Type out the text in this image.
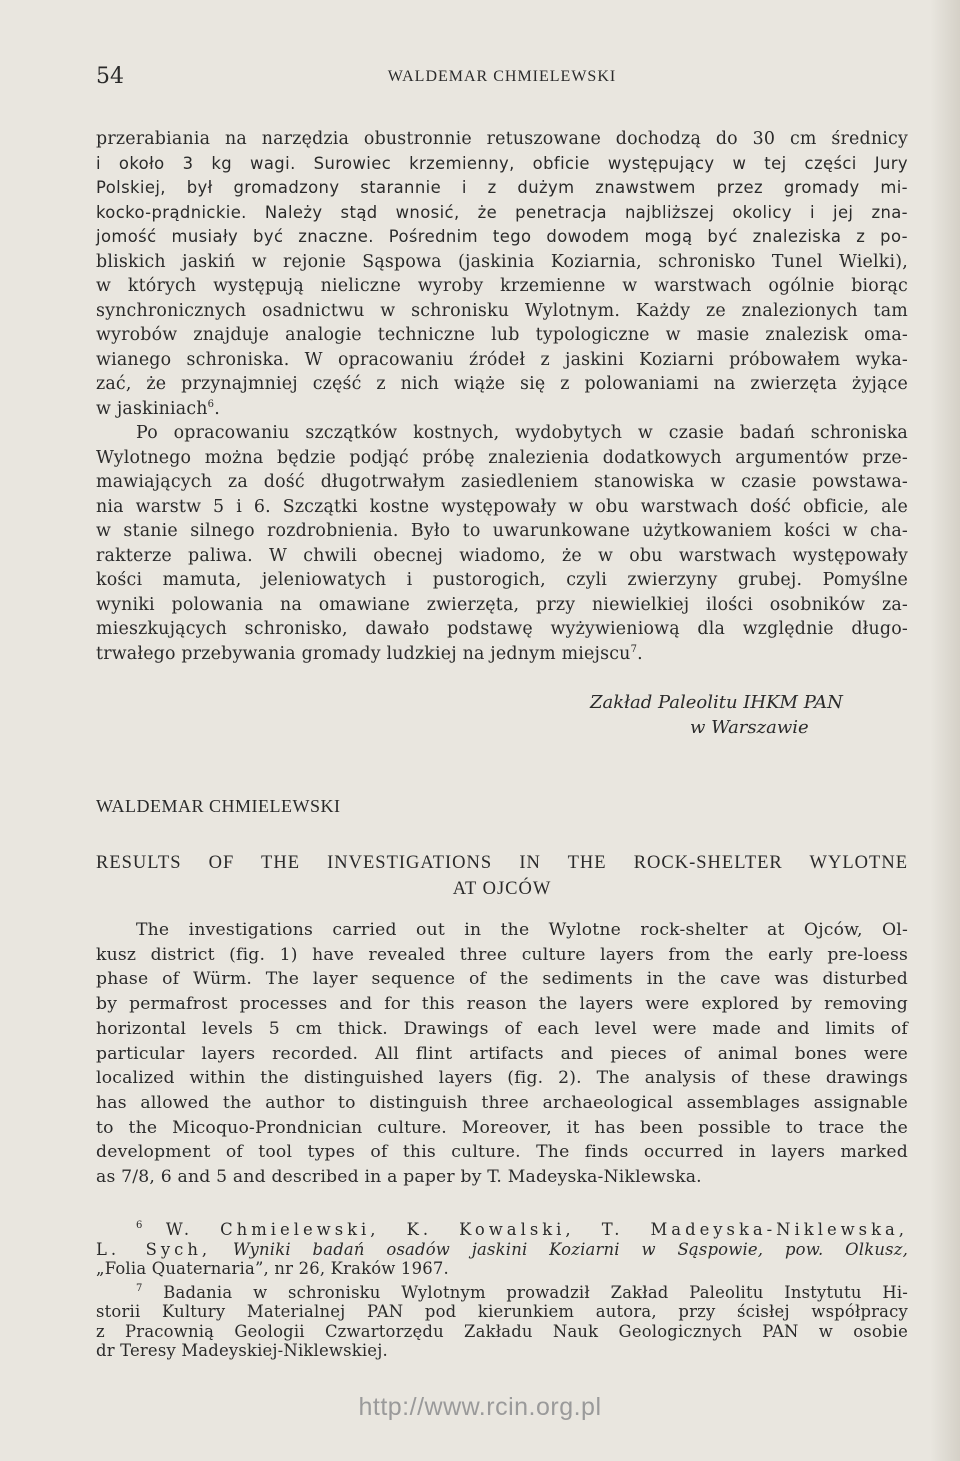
54	WALDEMAR CHMIELEWSKI
przerabiania na narzędzia obustronnie retuszowane dochodzą do 30 cm średnicy
i około 3 kg wagi. Surowiec krzemienny, obficie występujący w tej części Jury
Polskiej, był gromadzony starannie i z dużym znawstwem przez gromady mi-
kocko-prądnickie. Należy stąd wnosić, że penetracja najbliższej okolicy i jej zna-
jomość musiały być znaczne. Pośrednim tego dowodem mogą być znaleziska z po-
bliskich jaskiń w rejonie Sąspowa (jaskinia Koziarnia, schronisko Tunel Wielki),
w których występują nieliczne wyroby krzemienne w warstwach ogólnie biorąc
synchronicznych osadnictwu w schronisku Wylotnym. Każdy ze znalezionych tam
wyrobów znajduje analogie techniczne lub typologiczne w masie znalezisk oma-
wianego schroniska. W opracowaniu źródeł z jaskini Koziarni próbowałem wyka-
zać, że przynajmniej część z nich wiąże się z polowaniami na zwierzęta żyjące
w jaskiniach$^6$.
Po opracowaniu szczątków kostnych, wydobytych w czasie badań schroniska
Wylotnego można będzie podjąć próbę znalezienia dodatkowych argumentów prze-
mawiających za dość długotrwałym zasiedleniem stanowiska w czasie powstawa-
nia warstw 5 i 6. Szczątki kostne występowały w obu warstwach dość obficie, ale
w stanie silnego rozdrobnienia. Było to uwarunkowane użytkowaniem kości w cha-
rakterze paliwa. W chwili obecnej wiadomo, że w obu warstwach występowały
kości mamuta, jeleniowatych i pustorogich, czyli zwierzyny grubej. Pomyślne
wyniki polowania na omawiane zwierzęta, przy niewielkiej ilości osobników za-
mieszkujących schronisko, dawało podstawę wyżywieniową dla względnie długo-
trwałego przebywania gromady ludzkiej na jednym miejscu$^7$.
Zakład Paleolitu IHKM PAN
w Warszawie
WALDEMAR CHMIELEWSKI
RESULTS OF THE INVESTIGATIONS IN THE ROCK-SHELTER WYLOTNE
AT OJCÓW
The investigations carried out in the Wylotne rock-shelter at Ojców, Ol-
kusz district (fig. 1) have revealed three culture layers from the early pre-loess
phase of Würm. The layer sequence of the sediments in the cave was disturbed
by permafrost processes and for this reason the layers were explored by removing
horizontal levels 5 cm thick. Drawings of each level were made and limits of
particular layers recorded. All flint artifacts and pieces of animal bones were
localized within the distinguished layers (fig. 2). The analysis of these drawings
has allowed the author to distinguish three archaeological assemblages assignable
to the Micoquo-Prondnician culture. Moreover, it has been possible to trace the
development of tool types of this culture. The finds occurred in layers marked
as 7/8, 6 and 5 and described in a paper by T. Madeyska-Niklewska.
$^6$ W. Chmielewski, K. Kowalski, T. Madeyska-Niklewska,
L. Sych, Wyniki badań osadów jaskini Koziarni w Sąspowie, pow. Olkusz,
„Folia Quaternaria”, nr 26, Kraków 1967.
$^7$ Badania w schronisku Wylotnym prowadził Zakład Paleolitu Instytutu Hi-
storii Kultury Materialnej PAN pod kierunkiem autora, przy ścisłej współpracy
z Pracownią Geologii Czwartorzędu Zakładu Nauk Geologicznych PAN w osobie
dr Teresy Madeyskiej-Niklewskiej.
http://www.rcin.org.pl
